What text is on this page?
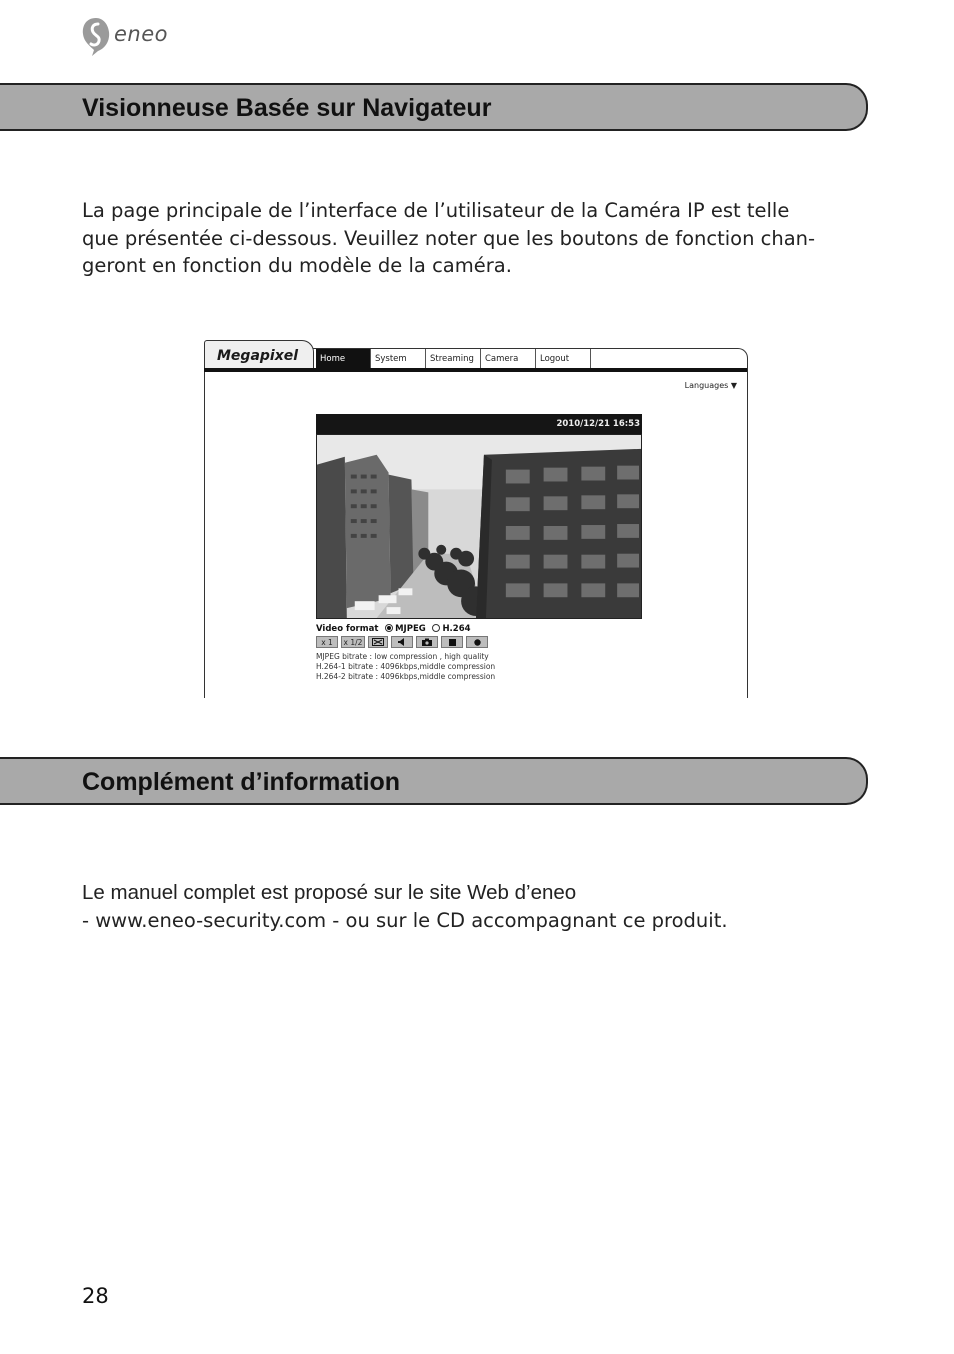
eneo
Visionneuse Basée sur Navigateur
La page principale de l’interface de l’utilisateur de la Caméra IP est telle
que présentée ci-dessous. Veuillez noter que les boutons de fonction chan-
geront en fonction du modèle de la caméra.
Megapixel	Home	System	Streaming	Camera	Logout
Languages ▼
2010/12/21 16:53
Video format MJPEG H.264
x 1	x 1/2
MJPEG bitrate : low compression , high quality
H.264-1 bitrate : 4096kbps,middle compression
H.264-2 bitrate : 4096kbps,middle compression
Complément d’information
Le manuel complet est proposé sur le site Web d’eneo
- www.eneo-security.com - ou sur le CD accompagnant ce produit.
28
